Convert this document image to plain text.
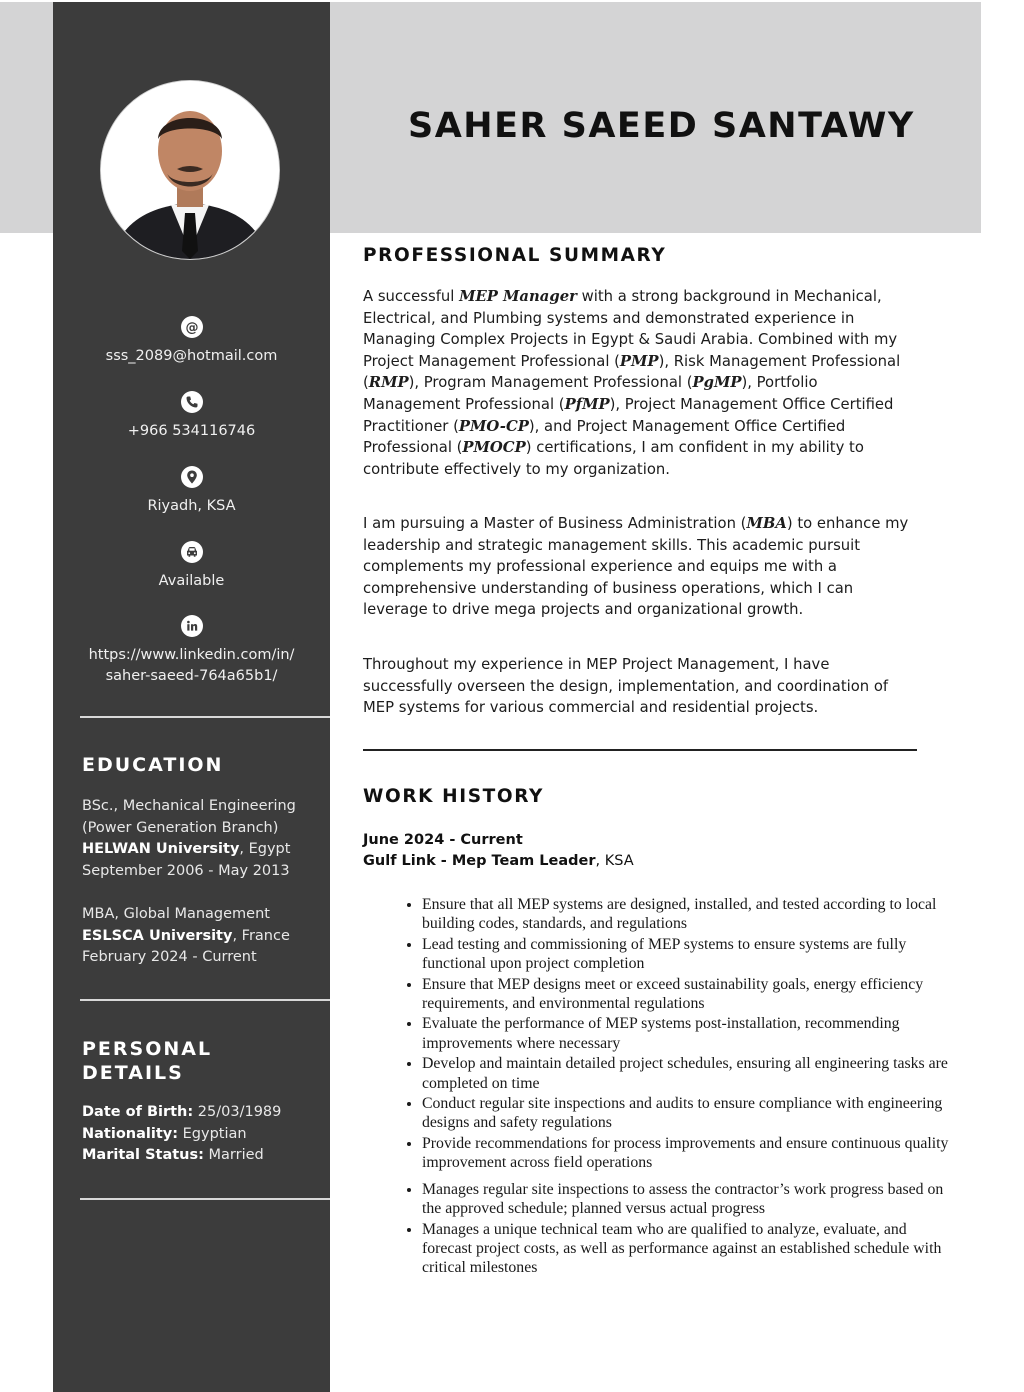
SAHER SAEED SANTAWY
@
sss_2089@hotmail.com
+966 534116746
Riyadh, KSA
Available
https://www.linkedin.com/in/
saher-saeed-764a65b1/
EDUCATION
BSc., Mechanical Engineering
(Power Generation Branch)
HELWAN University, Egypt
September 2006 - May 2013
MBA, Global Management
ESLSCA University, France
February 2024 - Current
PERSONAL
DETAILS
Date of Birth: 25/03/1989
Nationality: Egyptian
Marital Status: Married
PROFESSIONAL SUMMARY

A successful MEP Manager with a strong background in Mechanical, Electrical, and Plumbing systems and demonstrated experience in Managing Complex Projects in Egypt & Saudi Arabia. Combined with my Project Management Professional (PMP), Risk Management Professional (RMP), Program Management Professional (PgMP), Portfolio Management Professional (PfMP), Project Management Office Certified Practitioner (PMO-CP), and Project Management Office Certified Professional (PMOCP) certifications, I am confident in my ability to contribute effectively to my organization.

I am pursuing a Master of Business Administration (MBA) to enhance my leadership and strategic management skills. This academic pursuit complements my professional experience and equips me with a comprehensive understanding of business operations, which I can leverage to drive mega projects and organizational growth.

Throughout my experience in MEP Project Management, I have successfully overseen the design, implementation, and coordination of MEP systems for various commercial and residential projects.

WORK HISTORY
June 2024 - Current
Gulf Link - Mep Team Leader, KSA
• Ensure that all MEP systems are designed, installed, and tested according to local building codes, standards, and regulations
• Lead testing and commissioning of MEP systems to ensure systems are fully functional upon project completion
• Ensure that MEP designs meet or exceed sustainability goals, energy efficiency requirements, and environmental regulations
• Evaluate the performance of MEP systems post-installation, recommending improvements where necessary
• Develop and maintain detailed project schedules, ensuring all engineering tasks are completed on time
• Conduct regular site inspections and audits to ensure compliance with engineering designs and safety regulations
• Provide recommendations for process improvements and ensure continuous quality improvement across field operations
• Manages regular site inspections to assess the contractor’s work progress based on the approved schedule; planned versus actual progress
• Manages a unique technical team who are qualified to analyze, evaluate, and forecast project costs, as well as performance against an established schedule with critical milestones
